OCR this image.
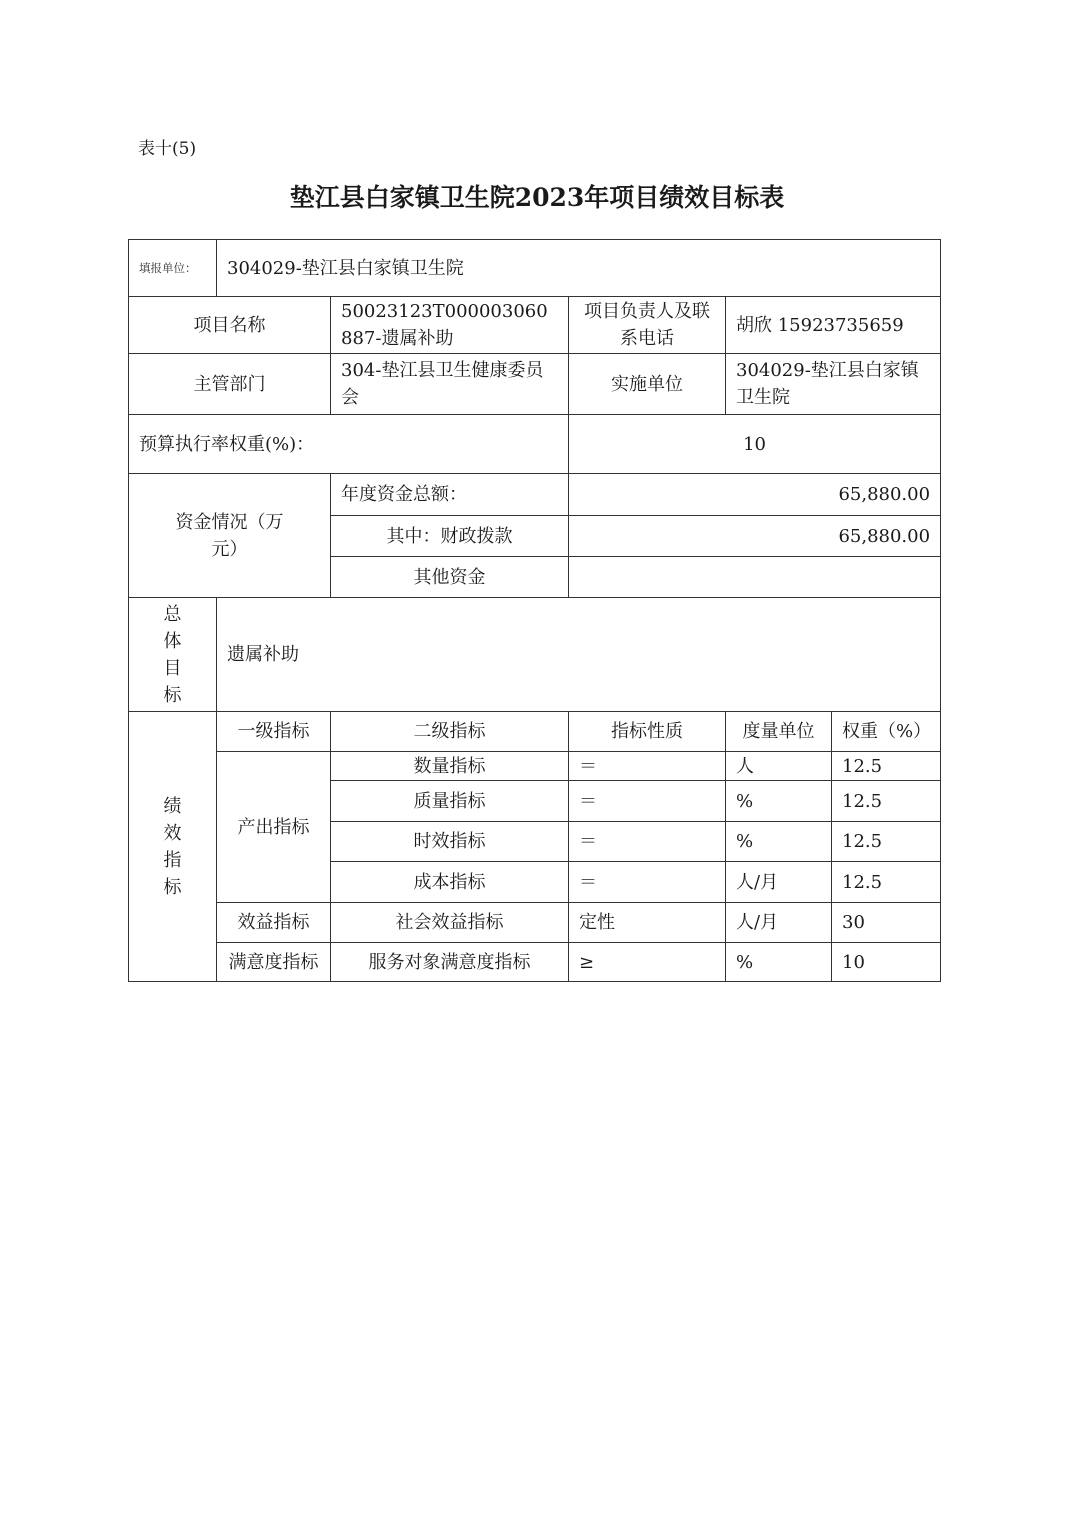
表十(5)
垫江县白家镇卫生院2023年项目绩效目标表
填报单位：	304029-垫江县白家镇卫生院				
项目名称		50023123T000003060887-遗属补助	项目负责人及联系电话	胡欣 15923735659	
主管部门		304-垫江县卫生健康委员会	实施单位	304029-垫江县白家镇卫生院	
预算执行率权重(%)：			10		

资金情况（万元）		年度资金总额：	65,880.00		
		其中：财政拨款	65,880.00		
		其他资金			

总
体
目
标	遗属补助				

绩
效
指
标	一级指标	二级指标	指标性质	度量单位	权重（%）
	产出指标	数量指标	＝	人	12.5
		质量指标	＝	%	12.5
		时效指标	＝	%	12.5
		成本指标	＝	人/月	12.5
	效益指标	社会效益指标	定性	人/月	30
	满意度指标	服务对象满意度指标	≥	%	10
